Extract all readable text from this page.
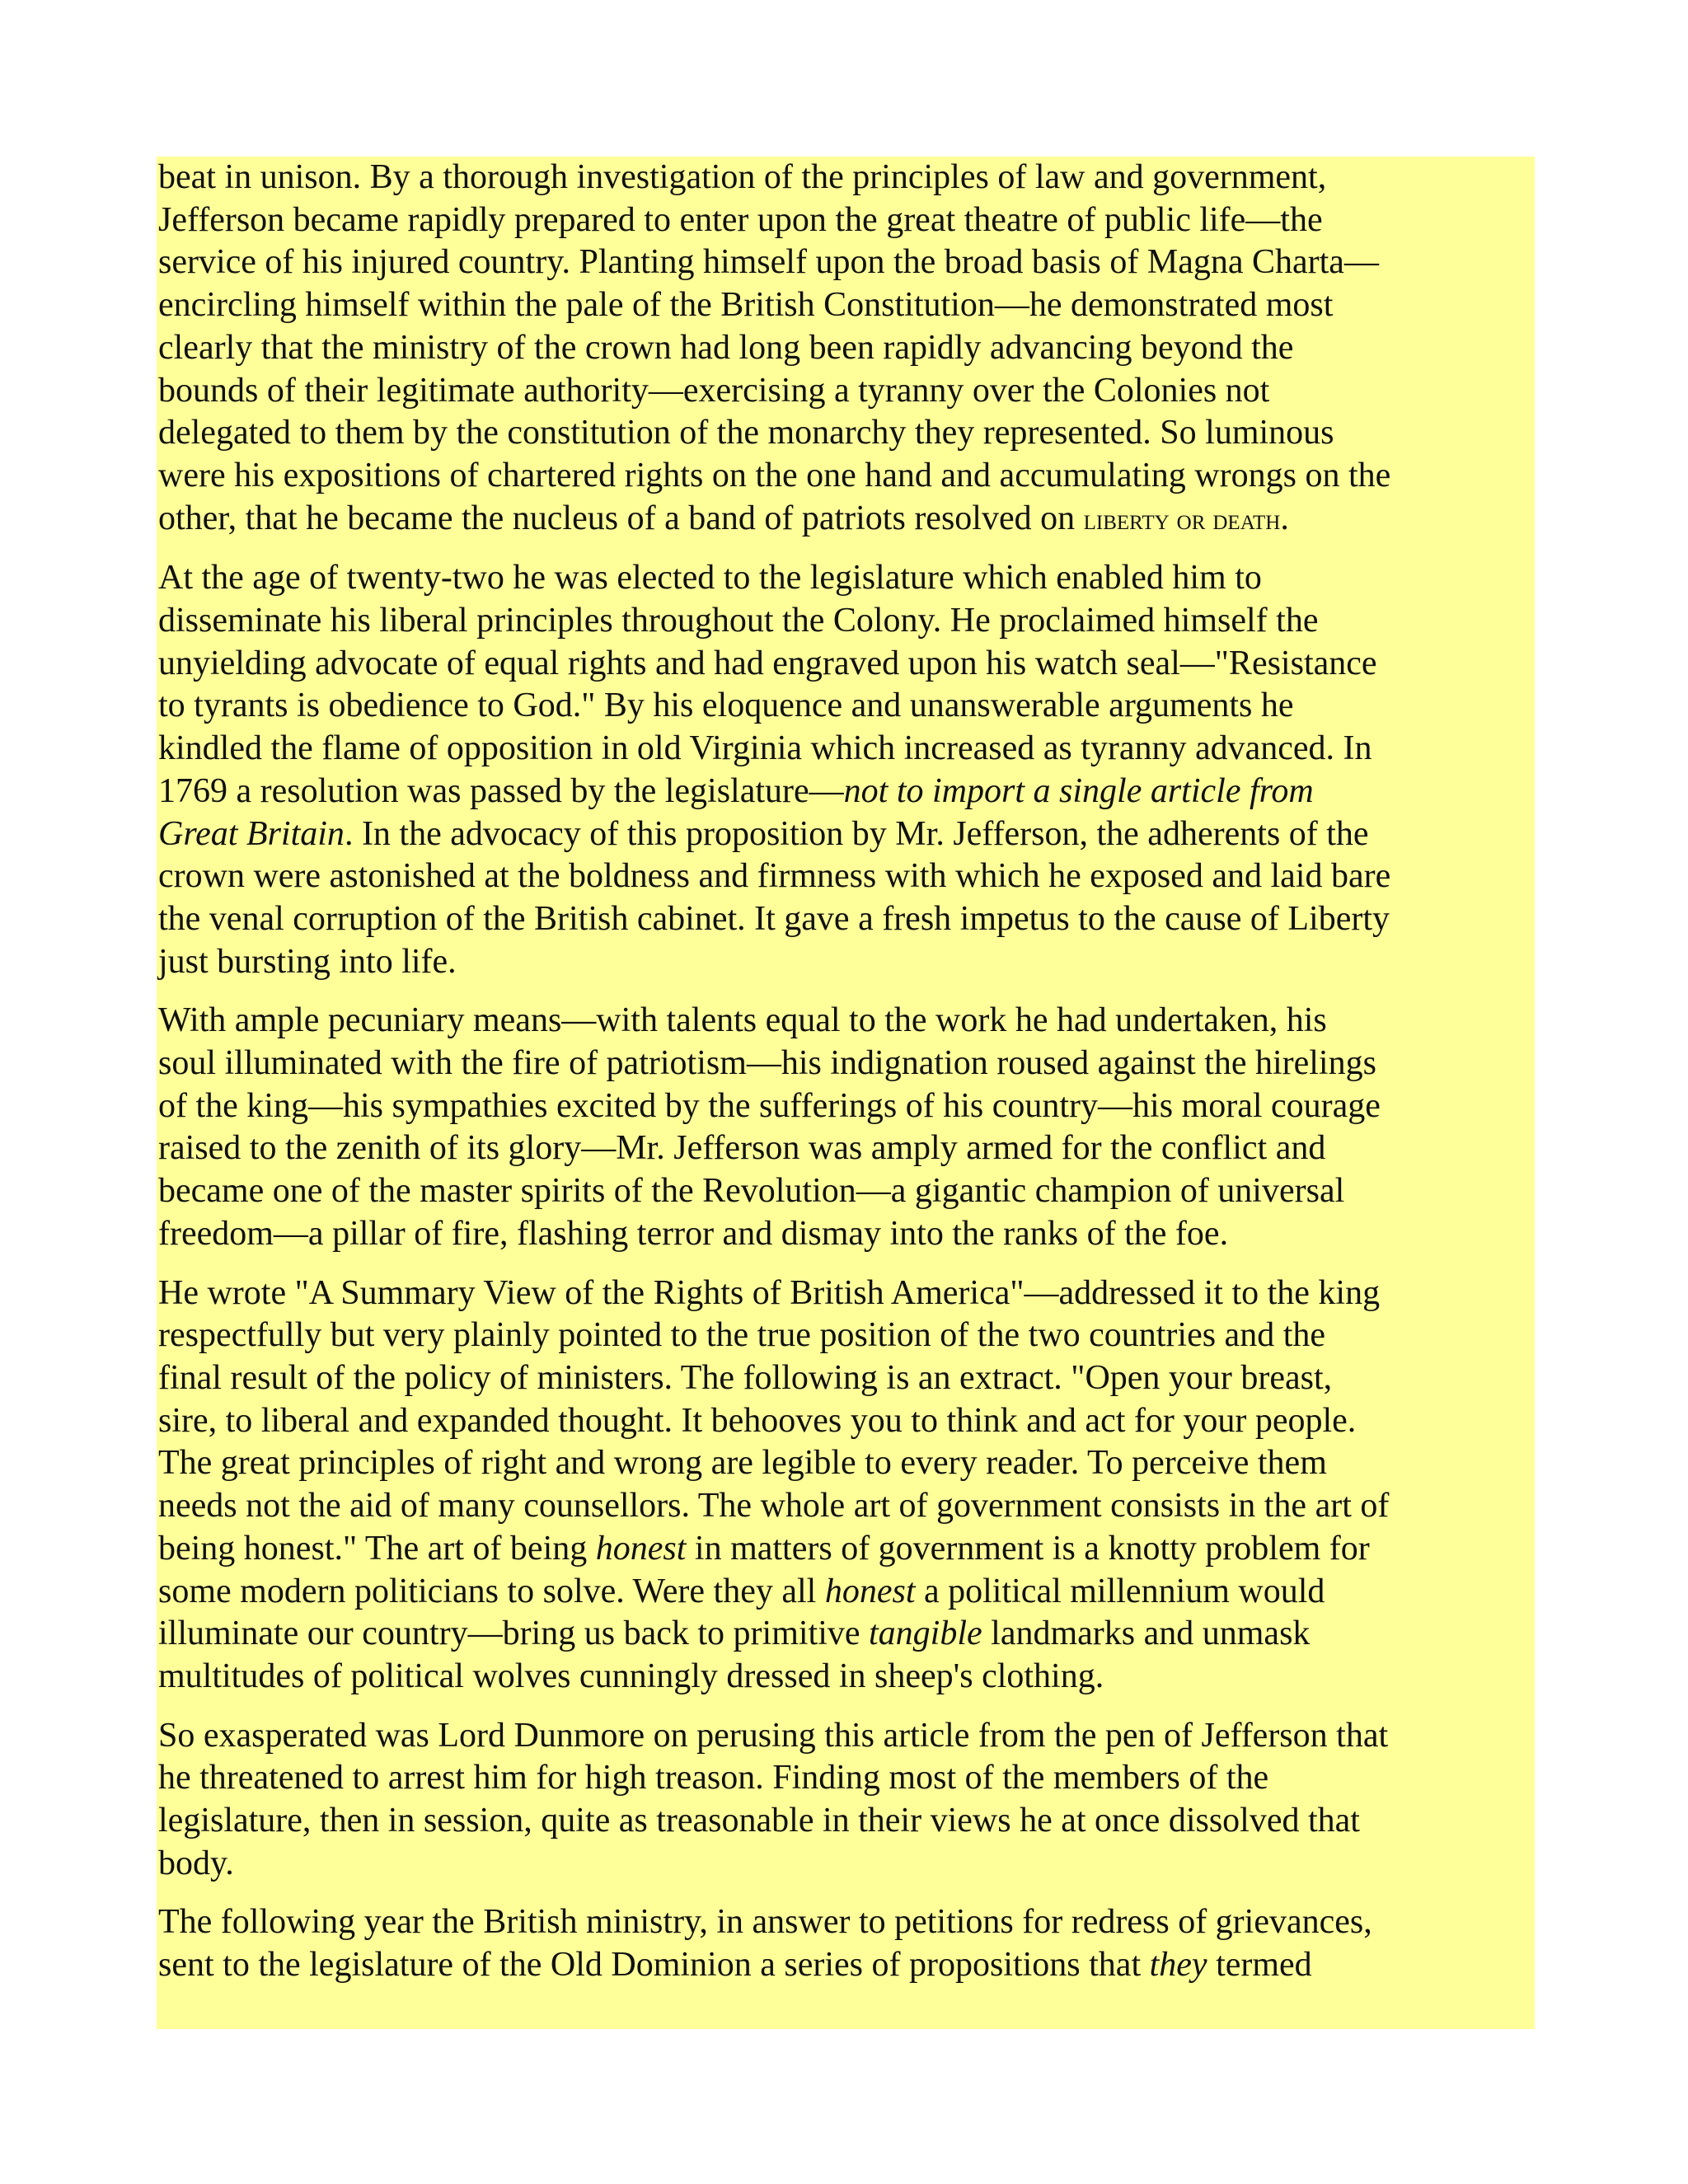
beat in unison. By a thorough investigation of the principles of law and government,
Jefferson became rapidly prepared to enter upon the great theatre of public life—the
service of his injured country. Planting himself upon the broad basis of Magna Charta—
encircling himself within the pale of the British Constitution—he demonstrated most
clearly that the ministry of the crown had long been rapidly advancing beyond the
bounds of their legitimate authority—exercising a tyranny over the Colonies not
delegated to them by the constitution of the monarchy they represented. So luminous
were his expositions of chartered rights on the one hand and accumulating wrongs on the
other, that he became the nucleus of a band of patriots resolved on liberty or death.
At the age of twenty-two he was elected to the legislature which enabled him to
disseminate his liberal principles throughout the Colony. He proclaimed himself the
unyielding advocate of equal rights and had engraved upon his watch seal—"Resistance
to tyrants is obedience to God." By his eloquence and unanswerable arguments he
kindled the flame of opposition in old Virginia which increased as tyranny advanced. In
1769 a resolution was passed by the legislature—not to import a single article from
Great Britain. In the advocacy of this proposition by Mr. Jefferson, the adherents of the
crown were astonished at the boldness and firmness with which he exposed and laid bare
the venal corruption of the British cabinet. It gave a fresh impetus to the cause of Liberty
just bursting into life.
With ample pecuniary means—with talents equal to the work he had undertaken, his
soul illuminated with the fire of patriotism—his indignation roused against the hirelings
of the king—his sympathies excited by the sufferings of his country—his moral courage
raised to the zenith of its glory—Mr. Jefferson was amply armed for the conflict and
became one of the master spirits of the Revolution—a gigantic champion of universal
freedom—a pillar of fire, flashing terror and dismay into the ranks of the foe.
He wrote "A Summary View of the Rights of British America"—addressed it to the king
respectfully but very plainly pointed to the true position of the two countries and the
final result of the policy of ministers. The following is an extract. "Open your breast,
sire, to liberal and expanded thought. It behooves you to think and act for your people.
The great principles of right and wrong are legible to every reader. To perceive them
needs not the aid of many counsellors. The whole art of government consists in the art of
being honest." The art of being honest in matters of government is a knotty problem for
some modern politicians to solve. Were they all honest a political millennium would
illuminate our country—bring us back to primitive tangible landmarks and unmask
multitudes of political wolves cunningly dressed in sheep's clothing.
So exasperated was Lord Dunmore on perusing this article from the pen of Jefferson that
he threatened to arrest him for high treason. Finding most of the members of the
legislature, then in session, quite as treasonable in their views he at once dissolved that
body.
The following year the British ministry, in answer to petitions for redress of grievances,
sent to the legislature of the Old Dominion a series of propositions that they termed
